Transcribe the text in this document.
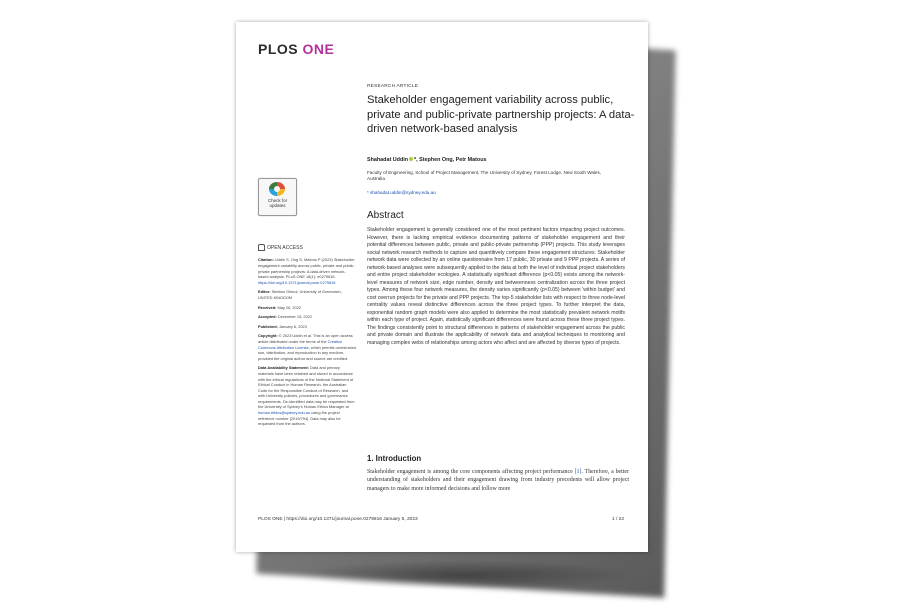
PLOS ONE
RESEARCH ARTICLE
Stakeholder engagement variability across public, private and public-private partnership projects: A data-driven network-based analysis
Shahadat Uddin *, Stephen Ong, Petr Matous
Faculty of Engineering, School of Project Management, The University of Sydney, Forest Lodge, New South Wales, Australia
* shahadat.uddin@sydney.edu.au
Check for
updates

OPEN ACCESS

Citation: Uddin S, Ong S, Matous P (2023) Stakeholder engagement variability across public, private and public-private partnership projects: A data-driven network-based analysis. PLoS ONE 18(1): e0279816. https://doi.org/10.1371/journal.pone.0279816

Editor: Stefano Ghinoi, University of Greenwich, UNITED KINGDOM

Received: May 26, 2022

Accepted: December 15, 2022

Published: January 6, 2023

Copyright: © 2023 Uddin et al. This is an open access article distributed under the terms of the Creative Commons Attribution License, which permits unrestricted use, distribution, and reproduction in any medium, provided the original author and source are credited.

Data Availability Statement: Data and primary materials have been retained and stored in accordance with the ethical regulations of the National Statement of Ethical Conduct in Human Research, the Australian Code for the Responsible Conduct of Research, and with University policies, procedures and governance requirements. De-identified data may be requested from the University of Sydney's Human Ethics Manager at human.ethics@sydney.edu.au using the project reference number [2019/794]. Data may also be requested from the authors.

Abstract
Stakeholder engagement is generally considered one of the most pertinent factors impacting project outcomes. However, there is lacking empirical evidence documenting patterns of stakeholder engagement and their potential differences between public, private and public-private partnership (PPP) projects. This study leverages social network research methods to capture and quantitively compare these engagement structures. Stakeholder network data were collected by an online questionnaire from 17 public, 30 private and 9 PPP projects. A series of network-based analyses were subsequently applied to the data at both the level of individual project stakeholders and entire project stakeholder ecologies. A statistically significant difference (p<0.05) exists among the network-level measures of network size, edge number, density and betweenness centralization across the three project types. Among these four network measures, the density varies significantly (p<0.05) between 'within budget' and cost overrun projects for the private and PPP projects. The top-5 stakeholder lists with respect to three node-level centrality values reveal distinctive differences across the three project types. To further interpret the data, exponential random graph models were also applied to determine the most statistically prevalent network motifs within each type of project. Again, statistically significant differences were found across these three project types. The findings consistently point to structural differences in patterns of stakeholder engagement across the public and private domain and illustrate the applicability of network data and analytical techniques to monitoring and managing complex webs of relationships among actors who affect and are affected by diverse types of projects.
1. Introduction
Stakeholder engagement is among the core components affecting project performance [1]. Therefore, a better understanding of stakeholders and their engagement drawing from industry precedents will allow project managers to make more informed decisions and follow more
PLOS ONE | https://doi.org/10.1371/journal.pone.0279816 January 6, 2023	1 / 22
